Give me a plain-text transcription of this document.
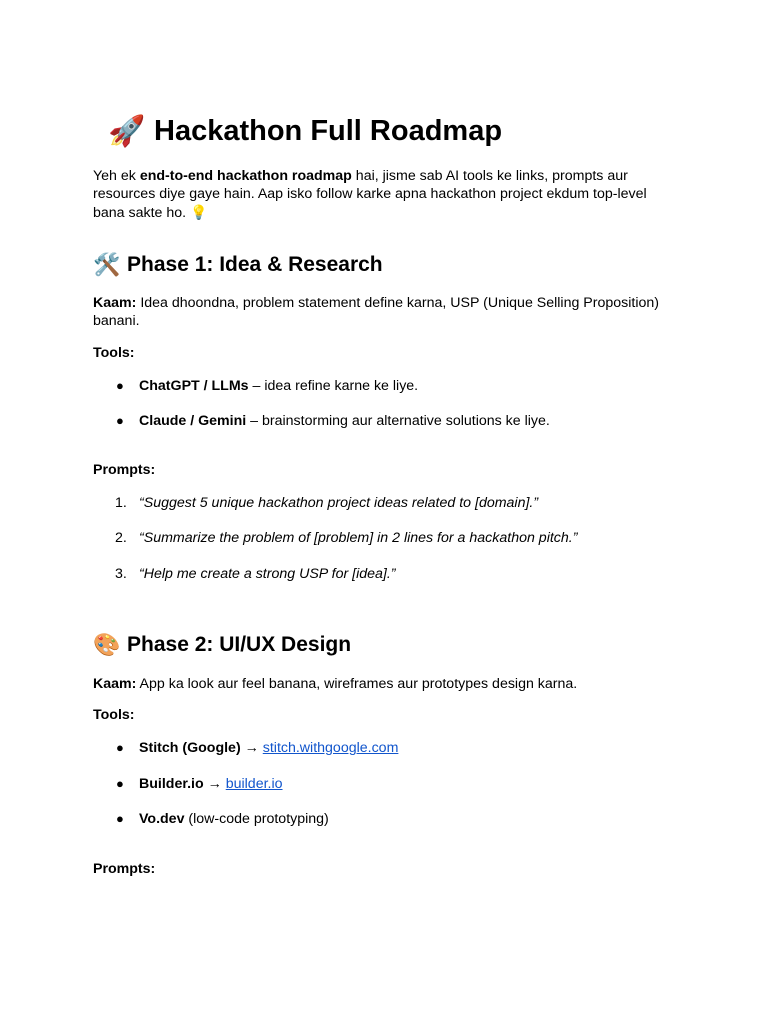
🚀 Hackathon Full Roadmap
Yeh ek end-to-end hackathon roadmap hai, jisme sab AI tools ke links, prompts aur resources diye gaye hain. Aap isko follow karke apna hackathon project ekdum top-level bana sakte ho. 💡
🛠️ Phase 1: Idea & Research
Kaam: Idea dhoondna, problem statement define karna, USP (Unique Selling Proposition) banani.
Tools:
● ChatGPT / LLMs – idea refine karne ke liye.
● Claude / Gemini – brainstorming aur alternative solutions ke liye.
Prompts:
1. “Suggest 5 unique hackathon project ideas related to [domain].”
2. “Summarize the problem of [problem] in 2 lines for a hackathon pitch.”
3. “Help me create a strong USP for [idea].”
🎨 Phase 2: UI/UX Design
Kaam: App ka look aur feel banana, wireframes aur prototypes design karna.
Tools:
● Stitch (Google) → stitch.withgoogle.com
● Builder.io → builder.io
● Vo.dev (low-code prototyping)
Prompts:
